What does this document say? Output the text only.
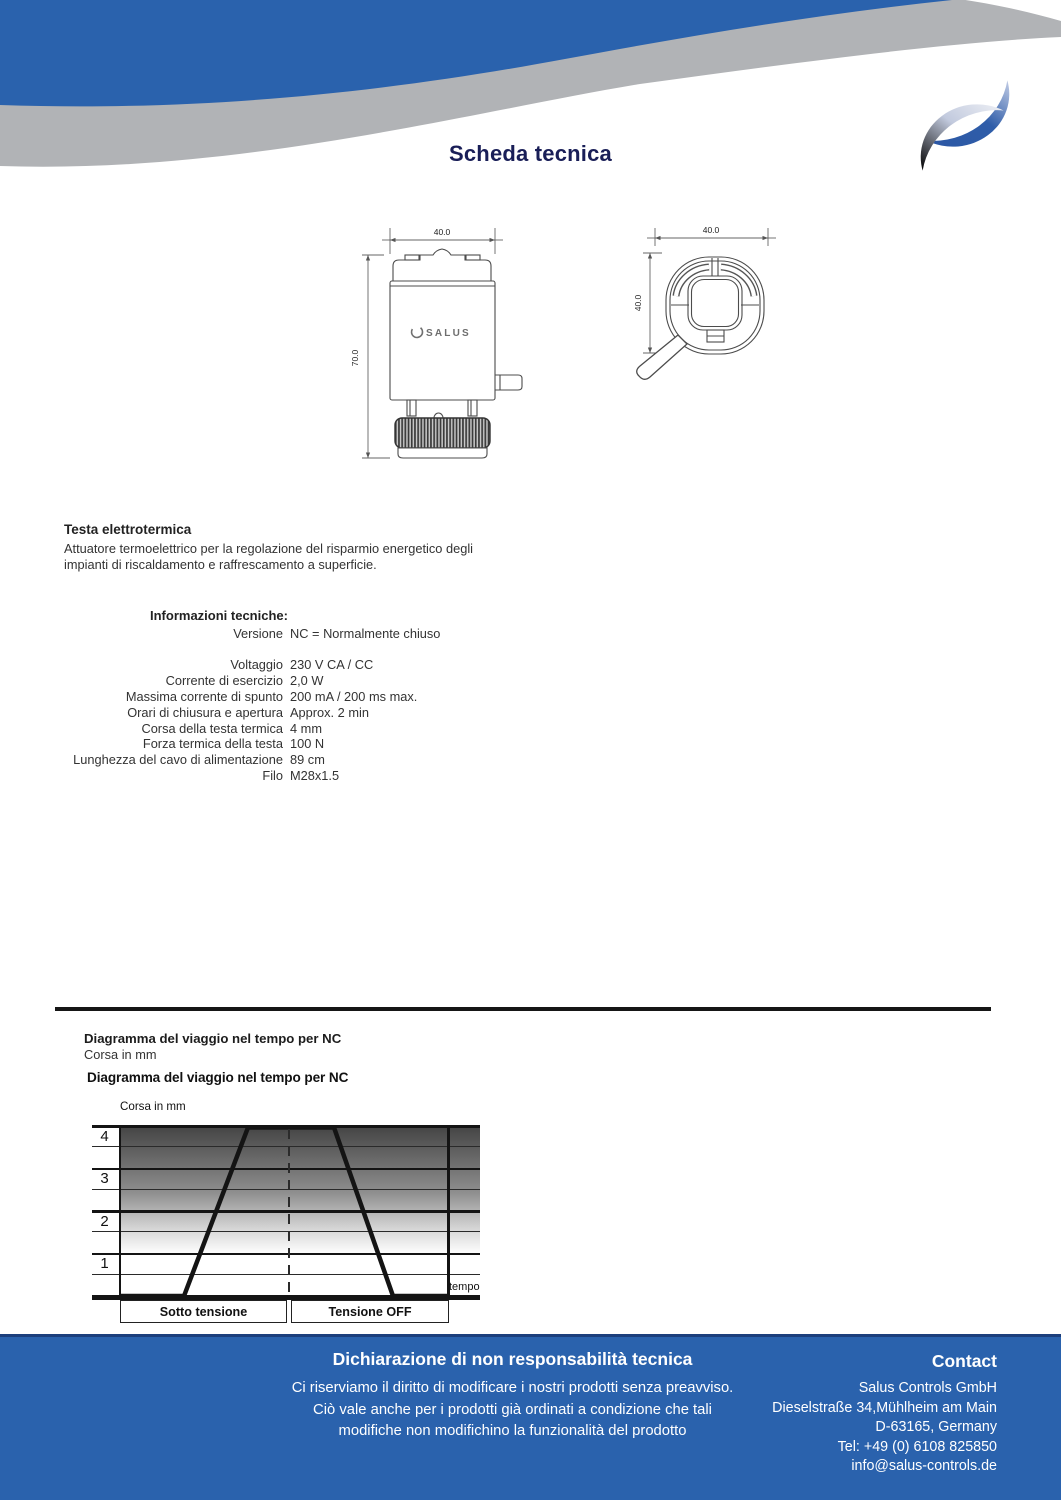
Scheda tecnica
40.0
70.0
SALUS
40.0
40.0
Testa elettrotermica
Attuatore termoelettrico per la regolazione del risparmio energetico degli
impianti di riscaldamento e raffrescamento a superficie.
Informazioni tecniche:
Versione NC = Normalmente chiuso
Voltaggio 230 V CA / CC
Corrente di esercizio 2,0 W
Massima corrente di spunto 200 mA / 200 ms max.
Orari di chiusura e apertura Approx. 2 min
Corsa della testa termica 4 mm
Forza termica della testa 100 N
Lunghezza del cavo di alimentazione 89 cm
Filo M28x1.5
Diagramma del viaggio nel tempo per NC
Corsa in mm
Diagramma del viaggio nel tempo per NC
Corsa in mm
4
3
2
1
tempo
Sotto tensione	Tensione OFF
Dichiarazione di non responsabilità tecnica
Ci riserviamo il diritto di modificare i nostri prodotti senza preavviso.
Ciò vale anche per i prodotti già ordinati a condizione che tali
modifiche non modifichino la funzionalità del prodotto
Contact
Salus Controls GmbH
Dieselstraße 34,Mühlheim am Main
D-63165, Germany
Tel: +49 (0) 6108 825850
info@salus-controls.de
